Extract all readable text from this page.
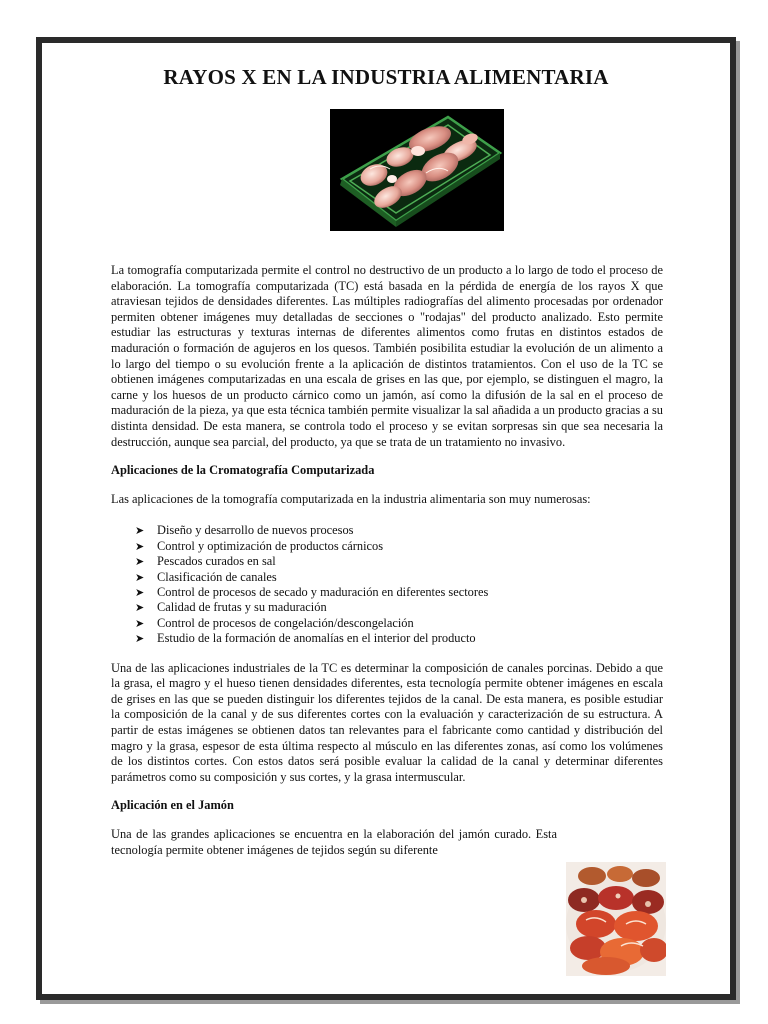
RAYOS X EN LA INDUSTRIA ALIMENTARIA

La tomografía computarizada permite el control no destructivo de un producto a lo largo de todo el proceso de elaboración. La tomografía computarizada (TC) está basada en la pérdida de energía de los rayos X que atraviesan tejidos de densidades diferentes. Las múltiples radiografías del alimento procesadas por ordenador permiten obtener imágenes muy detalladas de secciones o "rodajas" del producto analizado. Esto permite estudiar las estructuras y texturas internas de diferentes alimentos como frutas en distintos estados de maduración o formación de agujeros en los quesos. También posibilita estudiar la evolución de un alimento a lo largo del tiempo o su evolución frente a la aplicación de distintos tratamientos. Con el uso de la TC se obtienen imágenes computarizadas en una escala de grises en las que, por ejemplo, se distinguen el magro, la carne y los huesos de un producto cárnico como un jamón, así como la difusión de la sal en el proceso de maduración de la pieza, ya que esta técnica también permite visualizar la sal añadida a un producto gracias a su distinta densidad. De esta manera, se controla todo el proceso y se evitan sorpresas sin que sea necesaria la destrucción, aunque sea parcial, del producto, ya que se trata de un tratamiento no invasivo.

Aplicaciones de la Cromatografía Computarizada

Las aplicaciones de la tomografía computarizada en la industria alimentaria son muy numerosas:

➤	Diseño y desarrollo de nuevos procesos
➤	Control y optimización de productos cárnicos
➤	Pescados curados en sal
➤	Clasificación de canales
➤	Control de procesos de secado y maduración en diferentes sectores
➤	Calidad de frutas y su maduración
➤	Control de procesos de congelación/descongelación
➤	Estudio de la formación de anomalías en el interior del producto

Una de las aplicaciones industriales de la TC es determinar la composición de canales porcinas. Debido a que la grasa, el magro y el hueso tienen densidades diferentes, esta tecnología permite obtener imágenes en escala de grises en las que se pueden distinguir los diferentes tejidos de la canal. De esta manera, es posible estudiar la composición de la canal y de sus diferentes cortes con la evaluación y caracterización de su estructura. A partir de estas imágenes se obtienen datos tan relevantes para el fabricante como cantidad y distribución del magro y la grasa, espesor de esta última respecto al músculo en las diferentes zonas, así como los volúmenes de los distintos cortes. Con estos datos será posible evaluar la calidad de la canal y determinar diferentes parámetros como su composición y sus cortes, y la grasa intermuscular.

Aplicación en el Jamón

Una de las grandes aplicaciones se encuentra en la elaboración del jamón curado. Esta tecnología permite obtener imágenes de tejidos según su diferente
